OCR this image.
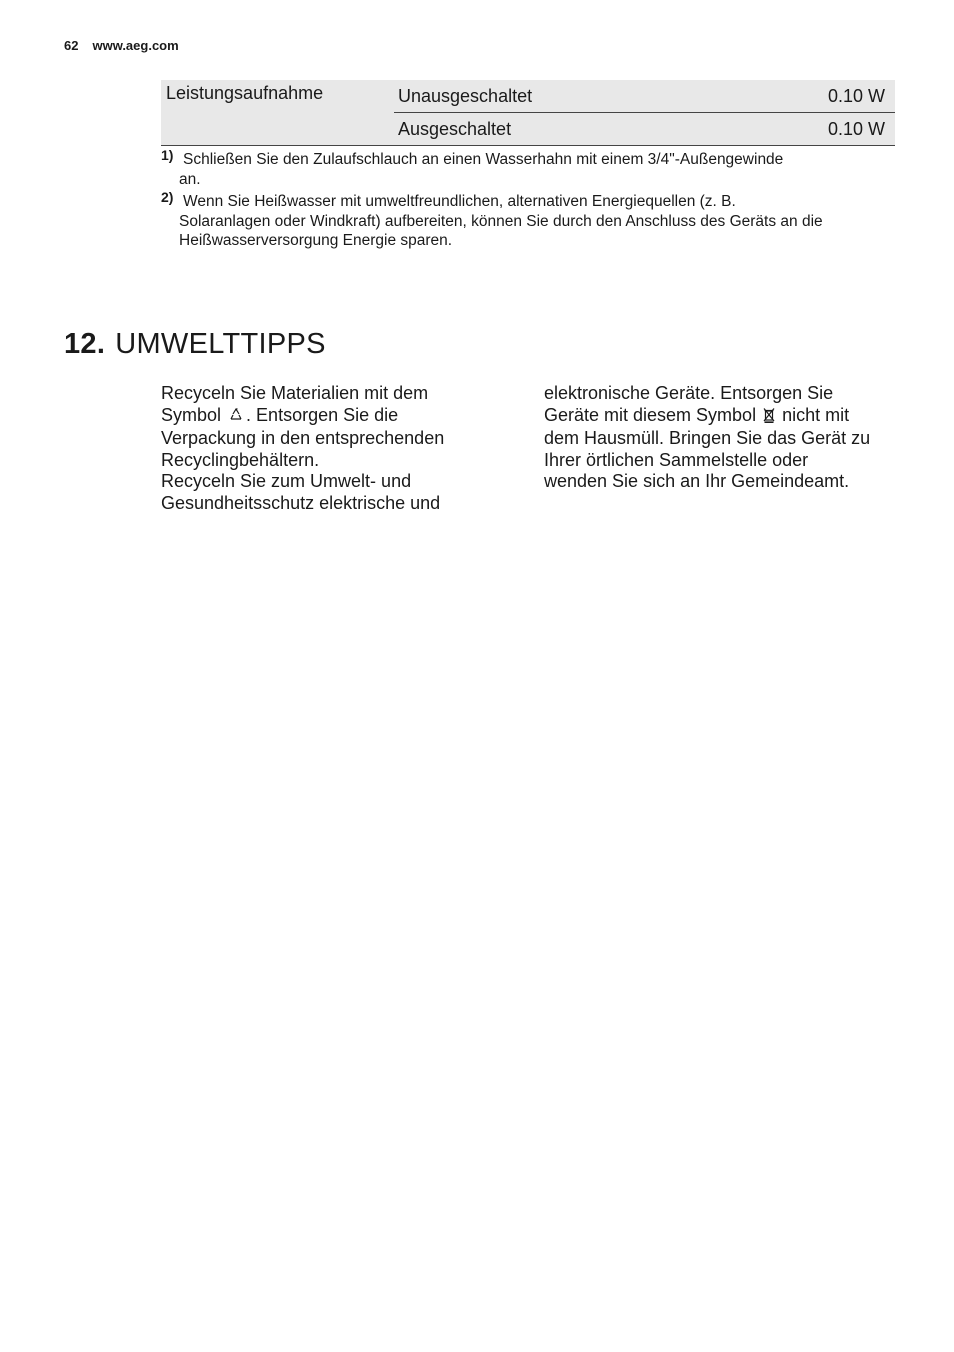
62 www.aeg.com
Leistungsaufnahme	Unausgeschaltet	0.10 W
	Ausgeschaltet	0.10 W
1) Schließen Sie den Zulaufschlauch an einen Wasserhahn mit einem 3/4"-Außengewinde
an.
2) Wenn Sie Heißwasser mit umweltfreundlichen, alternativen Energiequellen (z. B.
Solaranlagen oder Windkraft) aufbereiten, können Sie durch den Anschluss des Geräts an die Heißwasserversorgung Energie sparen.
12. UMWELTTIPPS

Recyceln Sie Materialien mit dem Symbol . Entsorgen Sie die Verpackung in den entsprechenden Recyclingbehältern.

Recyceln Sie zum Umwelt- und Gesundheitsschutz elektrische und

elektronische Geräte. Entsorgen Sie Geräte mit diesem Symbol nicht mit dem Hausmüll. Bringen Sie das Gerät zu Ihrer örtlichen Sammelstelle oder wenden Sie sich an Ihr Gemeindeamt.
